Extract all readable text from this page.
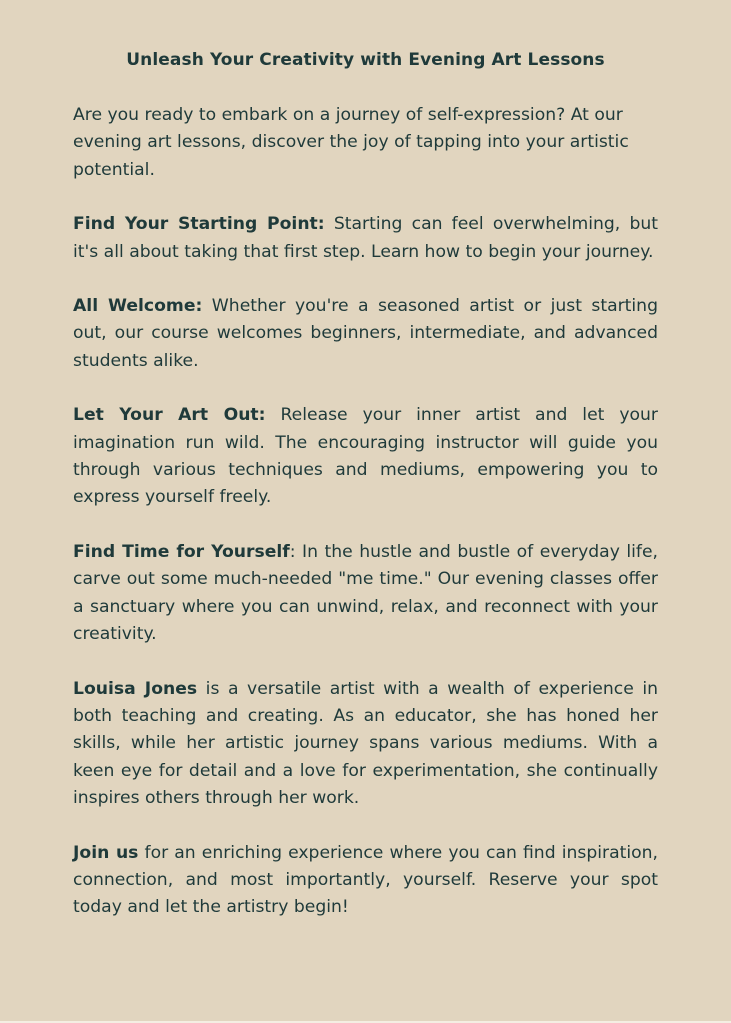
Unleash Your Creativity with Evening Art Lessons

Are you ready to embark on a journey of self-expression? At our evening art lessons, discover the joy of tapping into your artistic potential.

Find Your Starting Point: Starting can feel overwhelming, but it's all about taking that first step. Learn how to begin your journey.

All Welcome: Whether you're a seasoned artist or just starting out, our course welcomes beginners, intermediate, and advanced students alike.

Let Your Art Out: Release your inner artist and let your imagination run wild. The encouraging instructor will guide you through various techniques and mediums, empowering you to express yourself freely.

Find Time for Yourself: In the hustle and bustle of everyday life, carve out some much-needed "me time." Our evening classes offer a sanctuary where you can unwind, relax, and reconnect with your creativity.

Louisa Jones is a versatile artist with a wealth of experience in both teaching and creating. As an educator, she has honed her skills, while her artistic journey spans various mediums. With a keen eye for detail and a love for experimentation, she continually inspires others through her work.

Join us for an enriching experience where you can find inspiration, connection, and most importantly, yourself. Reserve your spot today and let the artistry begin!
